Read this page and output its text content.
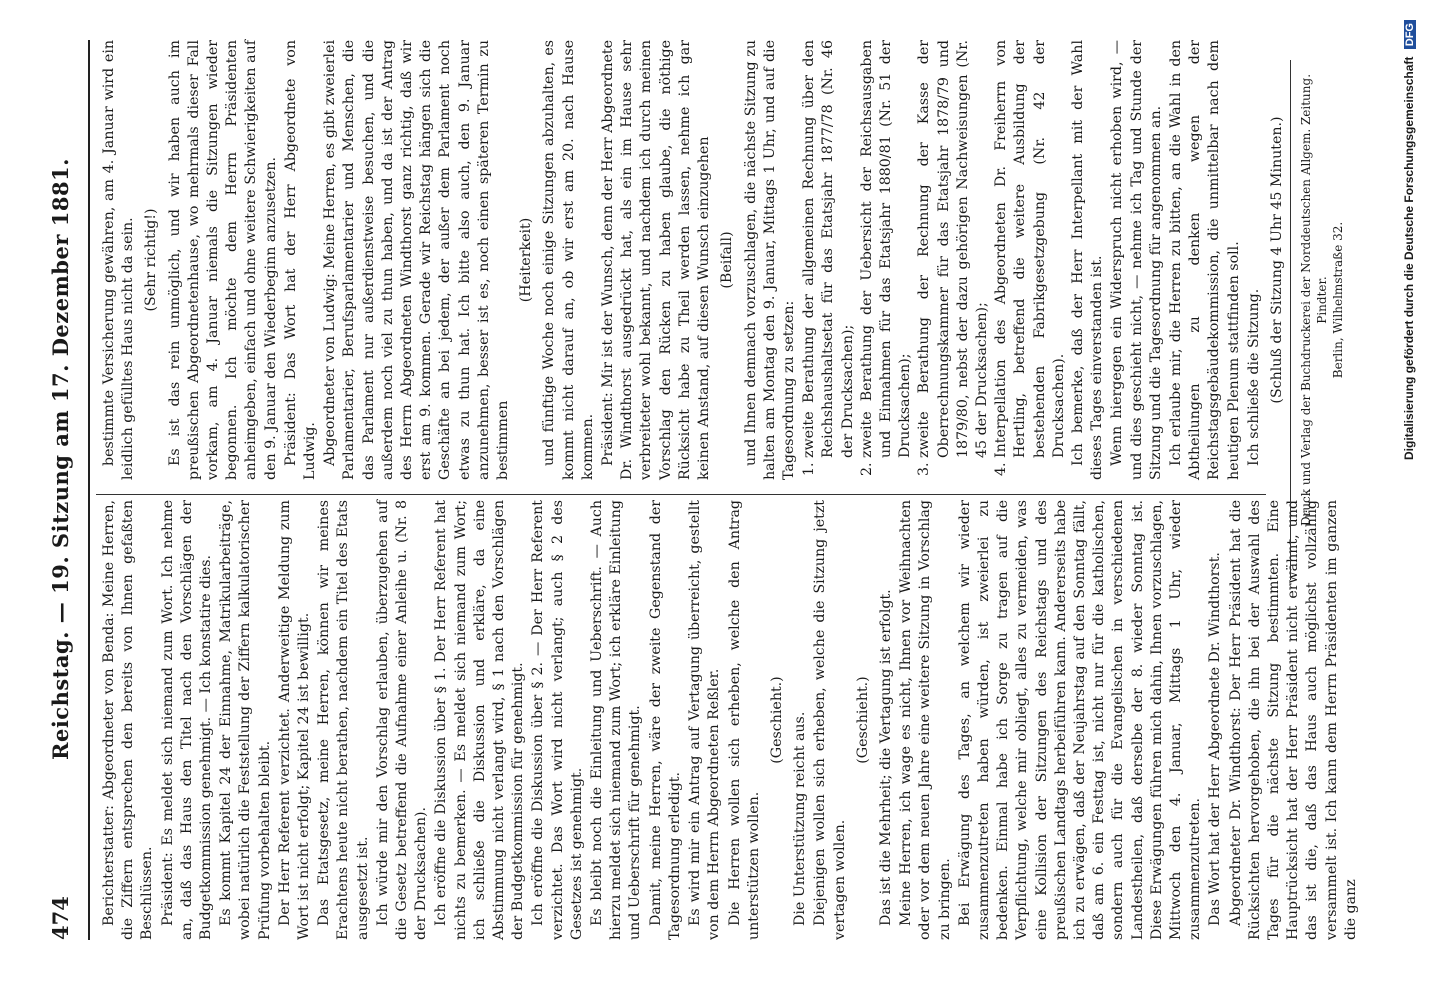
474
Reichstag. — 19. Sitzung am 17. Dezember 1881. Berichterstatter: Abgeordneter von Benda: Meine Herren, die Ziffern entsprechen den bereits von Ihnen gefaßten Beschlüssen. Präsident: Es meldet sich niemand zum Wort. Ich nehme an, daß das Haus den Titel nach den Vorschlägen der Budgetkommission genehmigt. — Ich konstatire dies. Es kommt Kapitel 24 der Einnahme, Matrikularbeiträge, wobei natürlich die Feststellung der Ziffern kalkulatorischer Prüfung vorbehalten bleibt. Der Herr Referent verzichtet. Anderweitige Meldung zum Wort ist nicht erfolgt; Kapitel 24 ist bewilligt. Das Etatsgesetz, meine Herren, können wir meines Erachtens heute nicht berathen, nachdem ein Titel des Etats ausgesetzt ist. Ich würde mir den Vorschlag erlauben, überzugehen auf die Gesetz betreffend die Aufnahme einer Anleihe u. (Nr. 8 der Drucksachen). Ich eröffne die Diskussion über § 1. Der Herr Referent hat nichts zu bemerken. — Es meldet sich niemand zum Wort; ich schließe die Diskussion und erkläre, da eine Abstimmung nicht verlangt wird, § 1 nach den Vorschlägen der Budgetkommission für genehmigt. Ich eröffne die Diskussion über § 2. — Der Herr Referent verzichtet. Das Wort wird nicht verlangt; auch § 2 des Gesetzes ist genehmigt. Es bleibt noch die Einleitung und Ueberschrift. — Auch hierzu meldet sich niemand zum Wort; ich erkläre Einleitung und Ueberschrift für genehmigt. Damit, meine Herren, wäre der zweite Gegenstand der Tagesordnung erledigt. Es wird mir ein Antrag auf Vertagung überreicht, gestellt von dem Herrn Abgeordneten Reßler. Die Herren wollen sich erheben, welche den Antrag unterstützen wollen.

(Geschieht.) Die Unterstützung reicht aus. Diejenigen wollen sich erheben, welche die Sitzung jetzt vertagen wollen.

(Geschieht.) Das ist die Mehrheit; die Vertagung ist erfolgt. Meine Herren, ich wage es nicht, Ihnen vor Weihnachten oder vor dem neuen Jahre eine weitere Sitzung in Vorschlag zu bringen. Bei Erwägung des Tages, an welchem wir wieder zusammenzutreten haben würden, ist zweierlei zu bedenken. Einmal habe ich Sorge zu tragen auf die Verpflichtung, welche mir obliegt, alles zu vermeiden, was eine Kollision der Sitzungen des Reichstags und des preußischen Landtags herbeiführen kann. Andererseits habe ich zu erwägen, daß der Neujahrstag auf den Sonntag fällt, daß am 6. ein Festtag ist, nicht nur für die katholischen, sondern auch für die Evangelischen in verschiedenen Landestheilen, daß derselbe der 8. wieder Sonntag ist. Diese Erwägungen führen mich dahin, Ihnen vorzuschlagen, Mittwoch den 4. Januar, Mittags 1 Uhr, wieder zusammenzutreten. Das Wort hat der Herr Abgeordnete Dr. Windthorst. Abgeordneter Dr. Windthorst: Der Herr Präsident hat die Rücksichten hervorgehoben, die ihn bei der Auswahl des Tages für die nächste Sitzung bestimmten. Eine Hauptrücksicht hat der Herr Präsident nicht erwähnt, und das ist die, daß das Haus auch möglichst vollzählig versammelt ist. Ich kann dem Herrn Präsidenten im ganzen die ganz

bestimmte Versicherung gewähren, am 4. Januar wird ein leidlich gefülltes Haus nicht da sein. (Sehr richtig!) Es ist das rein unmöglich, und wir haben auch im preußischen Abgeordnetenhause, wo mehrmals dieser Fall vorkam, am 4. Januar niemals die Sitzungen wieder begonnen. Ich möchte dem Herrn Präsidenten anheimgeben, einfach und ohne weitere Schwierigkeiten auf den 9. Januar den Wiederbeginn anzusetzen. Präsident: Das Wort hat der Herr Abgeordnete von Ludwig. Abgeordneter von Ludwig: Meine Herren, es gibt zweierlei Parlamentarier, Berufsparlamentarier und Menschen, die das Parlament nur außerdienstweise besuchen, und die außerdem noch viel zu thun haben, und da ist der Antrag des Herrn Abgeordneten Windthorst ganz richtig, daß wir erst am 9. kommen. Gerade wir Reichstag hängen sich die Geschäfte an bei jedem, der außer dem Parlament noch etwas zu thun hat. Ich bitte also auch, den 9. Januar anzunehmen, besser ist es, noch einen späteren Termin zu bestimmen

(Heiterkeit) und fünftige Woche noch einige Sitzungen abzuhalten, es kommt nicht darauf an, ob wir erst am 20. nach Hause kommen. Präsident: Mir ist der Wunsch, denn der Herr Abgeordnete Dr. Windthorst ausgedrückt hat, als ein im Hause sehr verbreiteter wohl bekannt, und nachdem ich durch meinen Vorschlag den Rücken zu haben glaube, die nöthige Rücksicht habe zu Theil werden lassen, nehme ich gar keinen Anstand, auf diesen Wunsch einzugehen (Beifall) und Ihnen demnach vorzuschlagen, die nächste Sitzung zu halten am Montag den 9. Januar, Mittags 1 Uhr, und auf die Tagesordnung zu setzen: 1. zweite Berathung der allgemeinen Rechnung über den Reichshaushaltsetat für das Etatsjahr 1877/78 (Nr. 46 der Drucksachen); 2. zweite Berathung der Uebersicht der Reichsausgaben und Einnahmen für das Etatsjahr 1880/81 (Nr. 51 der Drucksachen); 3. zweite Berathung der Rechnung der Kasse der Oberrechnungskammer für das Etatsjahr 1878/79 und 1879/80, nebst der dazu gehörigen Nachweisungen (Nr. 45 der Drucksachen); 4. Interpellation des Abgeordneten Dr. Freiherrn von Hertling, betreffend die weitere Ausbildung der bestehenden Fabrikgesetzgebung (Nr. 42 der Drucksachen). Ich bemerke, daß der Herr Interpellant mit der Wahl dieses Tages einverstanden ist. Wenn hiergegen ein Widerspruch nicht erhoben wird, — und dies geschieht nicht, — nehme ich Tag und Stunde der Sitzung und die Tagesordnung für angenommen an. Ich erlaube mir, die Herren zu bitten, an die Wahl in den Abtheilungen zu denken wegen der Reichstagsgebäudekommission, die unmittelbar nach dem heutigen Plenum stattfinden soll. Ich schließe die Sitzung. (Schluß der Sitzung 4 Uhr 45 Minuten.) Druck und Verlag der Buchdruckerei der Norddeutschen Allgem. Zeitung. Pindter. Berlin, Wilhelmstraße 32.	Digitalisierung gefördert durch die Deutsche Forschungsgemeinschaft DFG
